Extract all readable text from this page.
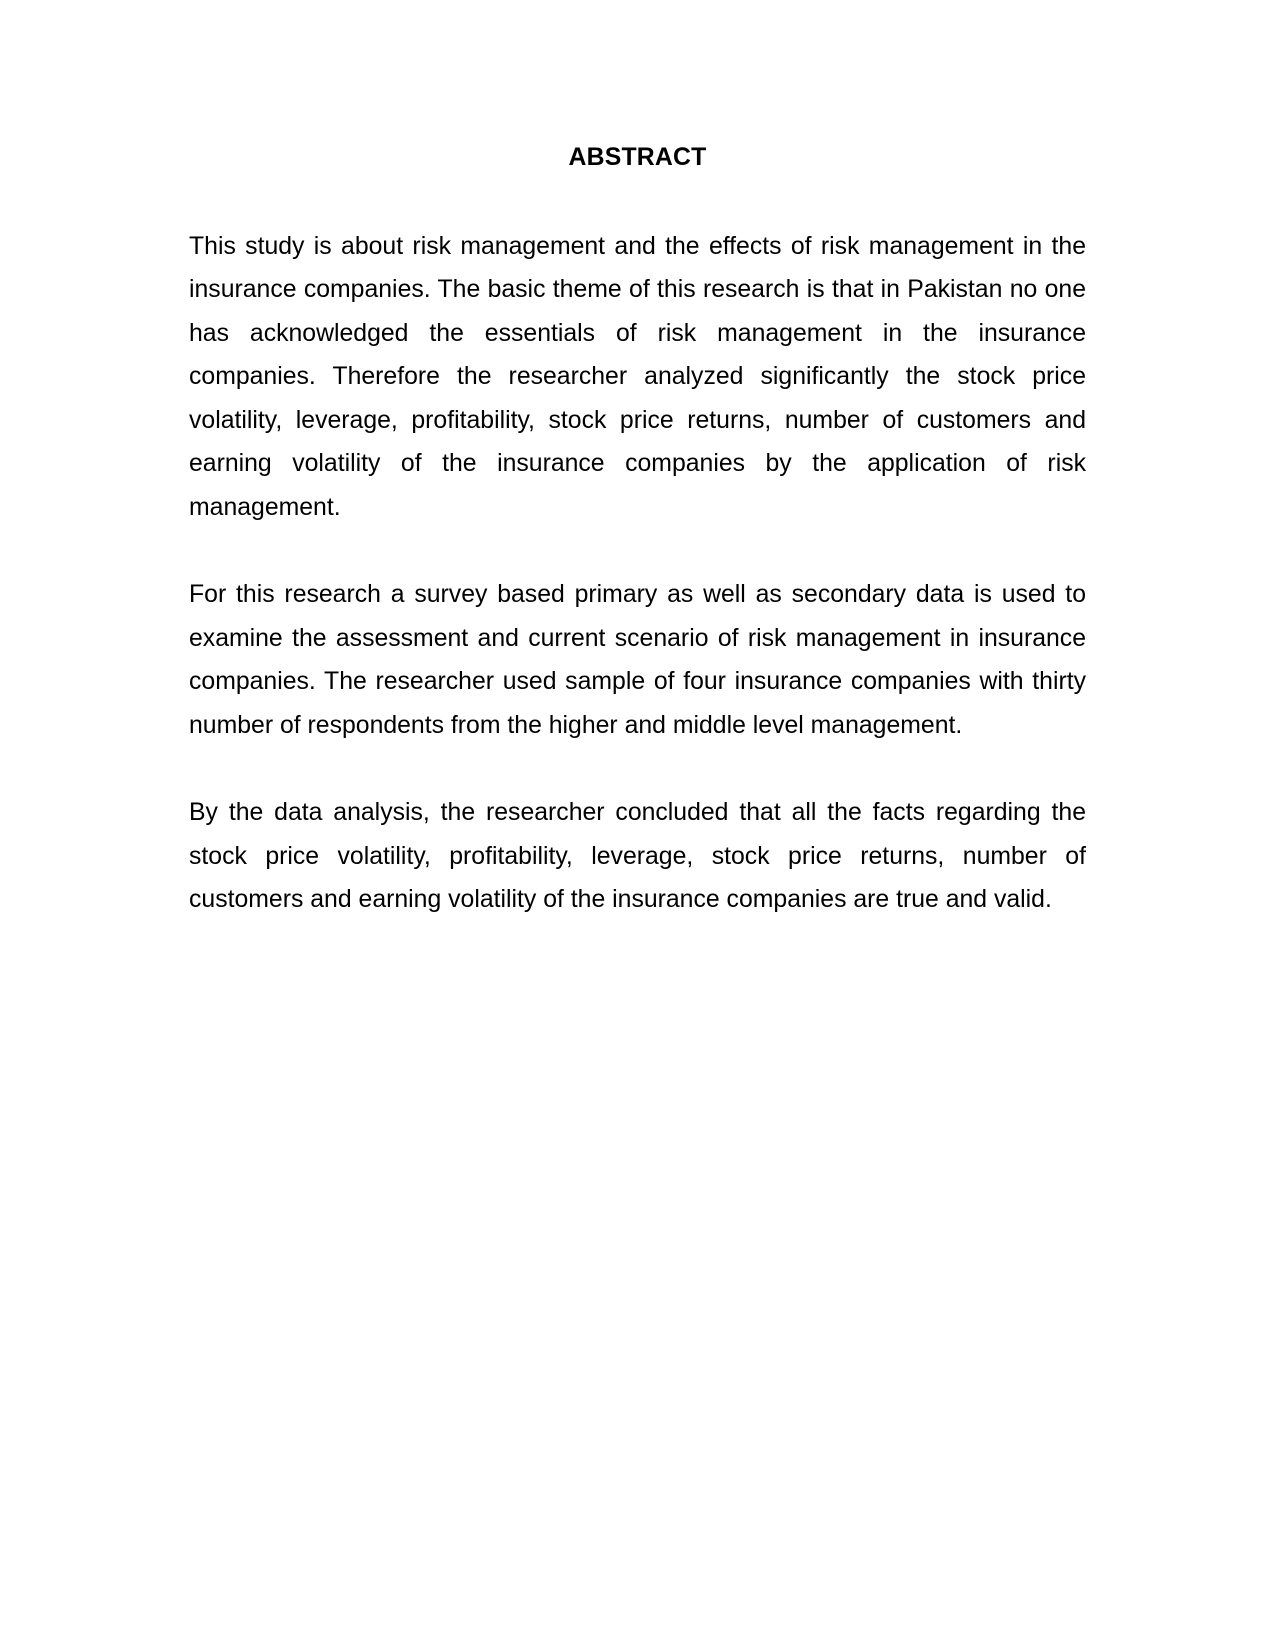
ABSTRACT
This study is about risk management and the effects of risk management in the
insurance companies. The basic theme of this research is that in Pakistan no one
has acknowledged the essentials of risk management in the insurance
companies. Therefore the researcher analyzed significantly the stock price
volatility, leverage, profitability, stock price returns, number of customers and
earning volatility of the insurance companies by the application of risk
management.
For this research a survey based primary as well as secondary data is used to
examine the assessment and current scenario of risk management in insurance
companies. The researcher used sample of four insurance companies with thirty
number of respondents from the higher and middle level management.
By the data analysis, the researcher concluded that all the facts regarding the
stock price volatility, profitability, leverage, stock price returns, number of
customers and earning volatility of the insurance companies are true and valid.
